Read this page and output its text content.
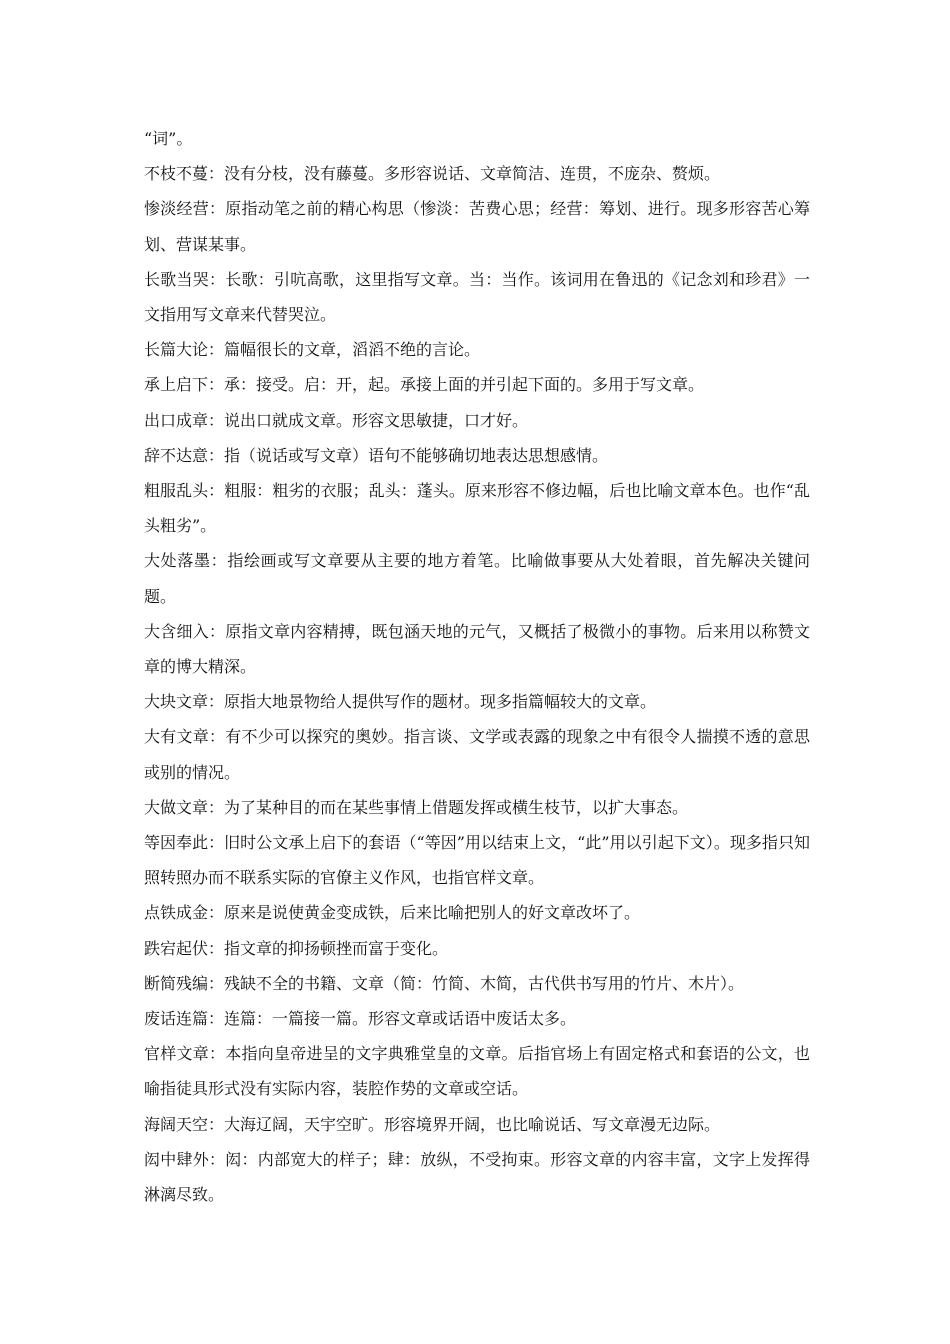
“词”。

不枝不蔓：没有分枝，没有藤蔓。多形容说话、文章简洁、连贯，不庞杂、赘烦。

惨淡经营：原指动笔之前的精心构思（惨淡：苦费心思；经营：筹划、进行。现多形容苦心筹划、营谋某事。

长歌当哭：长歌：引吭高歌，这里指写文章。当：当作。该词用在鲁迅的《记念刘和珍君》一文指用写文章来代替哭泣。

长篇大论：篇幅很长的文章，滔滔不绝的言论。

承上启下：承：接受。启：开，起。承接上面的并引起下面的。多用于写文章。

出口成章：说出口就成文章。形容文思敏捷，口才好。

辞不达意：指（说话或写文章）语句不能够确切地表达思想感情。

粗服乱头：粗服：粗劣的衣服；乱头：蓬头。原来形容不修边幅，后也比喻文章本色。也作“乱头粗劣”。

大处落墨：指绘画或写文章要从主要的地方着笔。比喻做事要从大处着眼，首先解决关键问题。

大含细入：原指文章内容精搏，既包涵天地的元气，又概括了极微小的事物。后来用以称赞文章的博大精深。

大块文章：原指大地景物给人提供写作的题材。现多指篇幅较大的文章。

大有文章：有不少可以探究的奥妙。指言谈、文学或表露的现象之中有很令人揣摸不透的意思或别的情况。

大做文章：为了某种目的而在某些事情上借题发挥或横生枝节，以扩大事态。

等因奉此：旧时公文承上启下的套语（“等因”用以结束上文，“此”用以引起下文）。现多指只知照转照办而不联系实际的官僚主义作风，也指官样文章。

点铁成金：原来是说使黄金变成铁，后来比喻把别人的好文章改坏了。

跌宕起伏：指文章的抑扬顿挫而富于变化。

断简残编：残缺不全的书籍、文章（简：竹简、木简，古代供书写用的竹片、木片）。

废话连篇：连篇：一篇接一篇。形容文章或话语中废话太多。

官样文章：本指向皇帝进呈的文字典雅堂皇的文章。后指官场上有固定格式和套语的公文，也喻指徒具形式没有实际内容，装腔作势的文章或空话。

海阔天空：大海辽阔，天宇空旷。形容境界开阔，也比喻说话、写文章漫无边际。

闳中肆外：闳：内部宽大的样子；肆：放纵，不受拘束。形容文章的内容丰富，文字上发挥得淋漓尽致。
